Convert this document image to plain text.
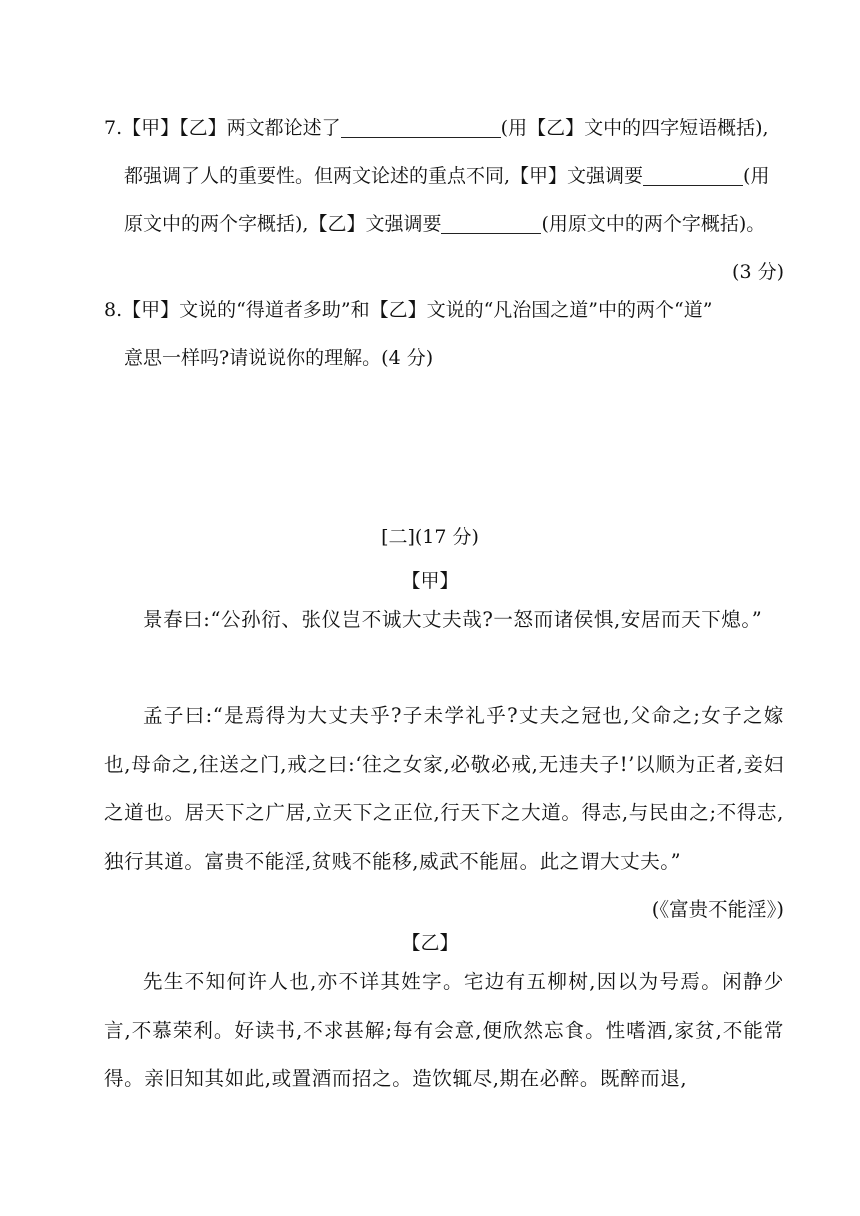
7.【甲】【乙】两文都论述了	(用【乙】文中的四字短语概括),
都强调了人的重要性。但两文论述的重点不同,【甲】文强调要	(用
原文中的两个字概括),【乙】文强调要	(用原文中的两个字概括)。
(3 分)
8.【甲】文说的“得道者多助”和【乙】文说的“凡治国之道”中的两个“道”
意思一样吗?请说说你的理解。(4 分)
[二](17 分)
【甲】
景春曰:“公孙衍、张仪岂不诚大丈夫哉?一怒而诸侯惧,安居而天下熄。”
孟子曰:“是焉得为大丈夫乎?子未学礼乎?丈夫之冠也,父命之;女子之嫁也,母命之,往送之门,戒之曰:‘往之女家,必敬必戒,无违夫子!’以顺为正者,妾妇之道也。居天下之广居,立天下之正位,行天下之大道。得志,与民由之;不得志,独行其道。富贵不能淫,贫贱不能移,威武不能屈。此之谓大丈夫。”
(《富贵不能淫》)
【乙】
先生不知何许人也,亦不详其姓字。宅边有五柳树,因以为号焉。闲静少言,不慕荣利。好读书,不求甚解;每有会意,便欣然忘食。性嗜酒,家贫,不能常得。亲旧知其如此,或置酒而招之。造饮辄尽,期在必醉。既醉而退,
